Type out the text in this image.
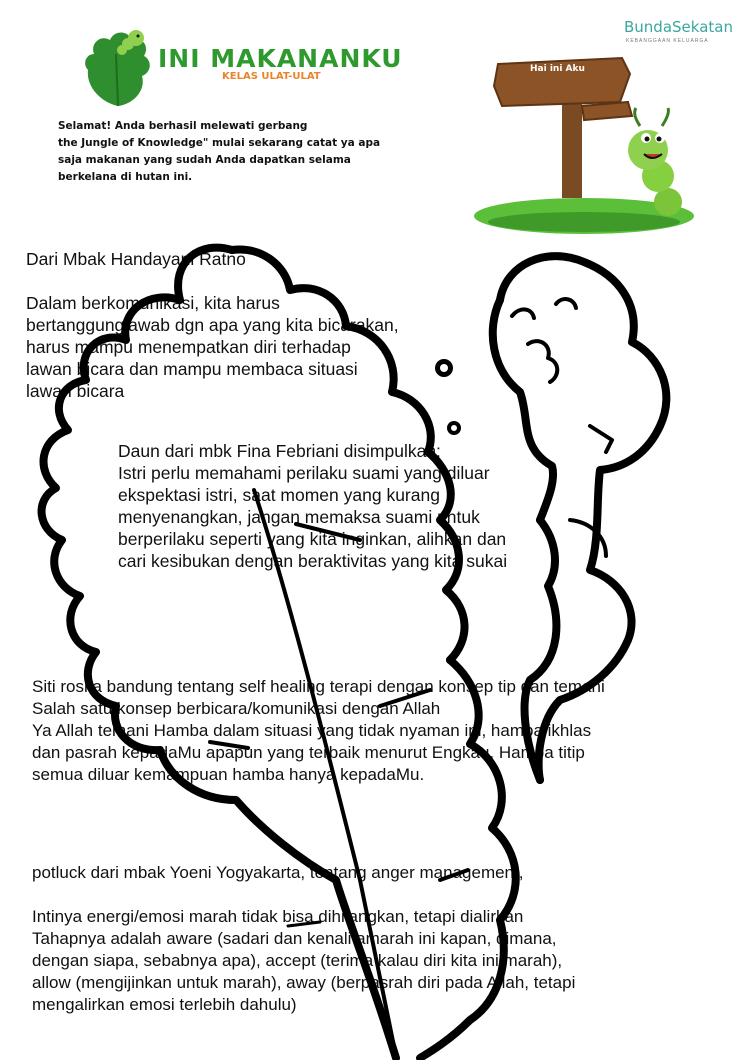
INI MAKANANKU
KELAS ULAT-ULAT
BundaSekatan
KEBANGGAAN KELUARGA
Selamat! Anda berhasil melewati gerbang
the Jungle of Knowledge" mulai sekarang catat ya apa
saja makanan yang sudah Anda dapatkan selama
berkelana di hutan ini.
Hai ini Aku
Dari Mbak Handayani Ratno
Dalam berkomunikasi, kita harus
bertanggungjawab dgn apa yang kita bicarakan,
harus mampu menempatkan diri terhadap
lawan bicara dan mampu membaca situasi
lawan bicara
Daun dari mbk Fina Febriani disimpulkan:
Istri perlu memahami perilaku suami yang diluar
ekspektasi istri, saat momen yang kurang
menyenangkan, jangan memaksa suami untuk
berperilaku seperti yang kita inginkan, alihkan dan
cari kesibukan dengan beraktivitas yang kita sukai
Siti rosita bandung tentang self healing terapi dengan konsep tip dan temani
Salah satu konsep berbicara/komunikasi dengan Allah
Ya Allah temani Hamba dalam situasi yang tidak nyaman ini, hamba ikhlas
dan pasrah kepadaMu apapun yang terbaik menurut Engkau. Hamba titip
semua diluar kemampuan hamba hanya kepadaMu.
potluck dari mbak Yoeni Yogyakarta, tentang anger management,
Intinya energi/emosi marah tidak bisa dihilangkan, tetapi dialirkan
Tahapnya adalah aware (sadari dan kenali amarah ini kapan, dimana,
dengan siapa, sebabnya apa), accept (terima kalau diri kita ini marah),
allow (mengijinkan untuk marah), away (berpasrah diri pada Allah, tetapi
mengalirkan emosi terlebih dahulu)
